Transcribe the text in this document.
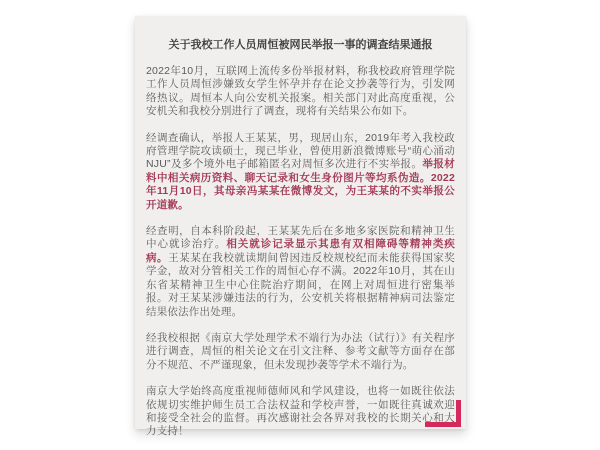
关于我校工作人员周恒被网民举报一事的调查结果通报

2022年10月，互联网上流传多份举报材料，称我校政府管理学院工作人员周恒涉嫌致女学生怀孕并存在论文抄袭等行为，引发网络热议。周恒本人向公安机关报案。相关部门对此高度重视，公安机关和我校分别进行了调查，现将有关结果公布如下。

经调查确认，举报人王某某，男，现居山东，2019年考入我校政府管理学院攻读硕士，现已毕业，曾使用新浪微博账号“萌心涌动NJU”及多个境外电子邮箱匿名对周恒多次进行不实举报。举报材料中相关病历资料、聊天记录和女生身份图片等均系伪造。2022年11月10日，其母亲冯某某在微博发文，为王某某的不实举报公开道歉。

经查明，自本科阶段起，王某某先后在多地多家医院和精神卫生中心就诊治疗。相关就诊记录显示其患有双相障碍等精神类疾病。王某某在我校就读期间曾因违反校规校纪而未能获得国家奖学金，故对分管相关工作的周恒心存不满。2022年10月，其在山东省某精神卫生中心住院治疗期间，在网上对周恒进行密集举报。对王某某涉嫌违法的行为，公安机关将根据精神病司法鉴定结果依法作出处理。

经我校根据《南京大学处理学术不端行为办法（试行）》有关程序进行调查，周恒的相关论文在引文注释、参考文献等方面存在部分不规范、不严谨现象，但未发现抄袭等学术不端行为。

南京大学始终高度重视师德师风和学风建设，也将一如既往依法依规切实维护师生员工合法权益和学校声誉，一如既往真诚欢迎和接受全社会的监督。再次感谢社会各界对我校的长期关心和大力支持！
